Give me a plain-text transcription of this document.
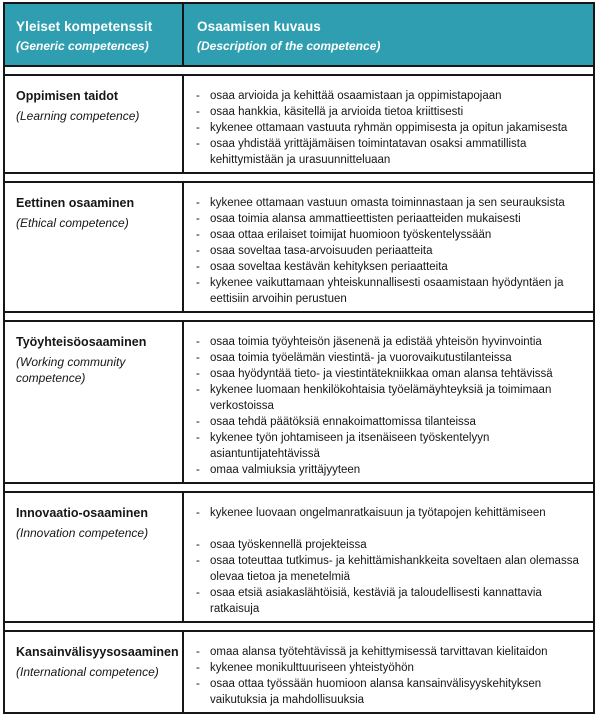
Yleiset kompetenssit
(Generic competences)
Osaamisen kuvaus
(Description of the competence)
Oppimisen taidot
(Learning competence)
- osaa arvioida ja kehittää osaamistaan ja oppimistapojaan
- osaa hankkia, käsitellä ja arvioida tietoa kriittisesti
- kykenee ottamaan vastuuta ryhmän oppimisesta ja opitun jakamisesta
- osaa yhdistää yrittäjämäisen toimintatavan osaksi ammatillista kehittymistään ja urasuunnitteluaan
Eettinen osaaminen
(Ethical competence)
- kykenee ottamaan vastuun omasta toiminnastaan ja sen seurauksista
- osaa toimia alansa ammattieettisten periaatteiden mukaisesti
- osaa ottaa erilaiset toimijat huomioon työskentelyssään
- osaa soveltaa tasa-arvoisuuden periaatteita
- osaa soveltaa kestävän kehityksen periaatteita
- kykenee vaikuttamaan yhteiskunnallisesti osaamistaan hyödyntäen ja eettisiin arvoihin perustuen
Työyhteisöosaaminen
(Working community competence)
- osaa toimia työyhteisön jäsenenä ja edistää yhteisön hyvinvointia
- osaa toimia työelämän viestintä- ja vuorovaikutustilanteissa
- osaa hyödyntää tieto- ja viestintätekniikkaa oman alansa tehtävissä
- kykenee luomaan henkilökohtaisia työelämäyhteyksiä ja toimimaan verkostoissa
- osaa tehdä päätöksiä ennakoimattomissa tilanteissa
- kykenee työn johtamiseen ja itsenäiseen työskentelyyn asiantuntijatehtävissä
- omaa valmiuksia yrittäjyyteen
Innovaatio-osaaminen
(Innovation competence)
- kykenee luovaan ongelmanratkaisuun ja työtapojen kehittämiseen
- osaa työskennellä projekteissa
- osaa toteuttaa tutkimus- ja kehittämishankkeita soveltaen alan olemassa olevaa tietoa ja menetelmiä
- osaa etsiä asiakaslähtöisiä, kestäviä ja taloudellisesti kannattavia ratkaisuja
Kansainvälisyysosaaminen
(International competence)
- omaa alansa työtehtävissä ja kehittymisessä tarvittavan kielitaidon
- kykenee monikulttuuriseen yhteistyöhön
- osaa ottaa työssään huomioon alansa kansainvälisyyskehityksen vaikutuksia ja mahdollisuuksia
